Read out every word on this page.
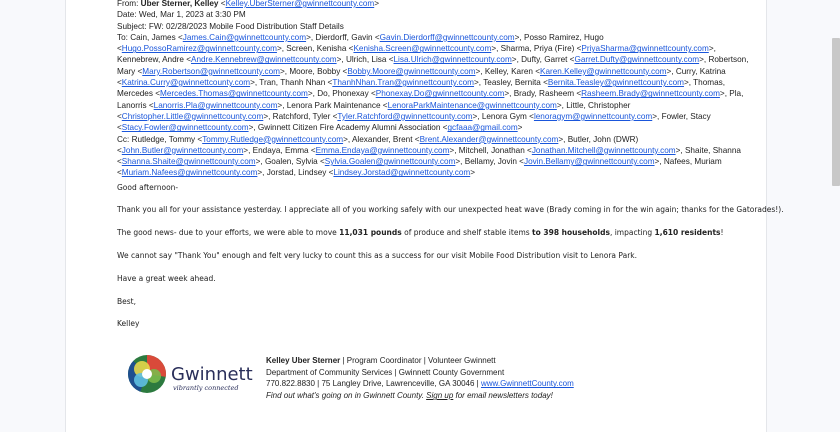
From: Uber Sterner, Kelley <Kelley.UberSterner@gwinnettcounty.com>
Date: Wed, Mar 1, 2023 at 3:30 PM
Subject: FW: 02/28/2023 Mobile Food Distribution Staff Details
To: Cain, James <James.Cain@gwinnettcounty.com>, Dierdorff, Gavin <Gavin.Dierdorff@gwinnettcounty.com>, Posso Ramirez, Hugo <Hugo.PossoRamirez@gwinnettcounty.com>, Screen, Kenisha <Kenisha.Screen@gwinnettcounty.com>, Sharma, Priya (Fire) <PriyaSharma@gwinnettcounty.com>, Kennebrew, Andre <Andre.Kennebrew@gwinnettcounty.com>, Ulrich, Lisa <Lisa.Ulrich@gwinnettcounty.com>, Dufty, Garret <Garret.Dufty@gwinnettcounty.com>, Robertson, Mary <Mary.Robertson@gwinnettcounty.com>, Moore, Bobby <Bobby.Moore@gwinnettcounty.com>, Kelley, Karen <Karen.Kelley@gwinnettcounty.com>, Curry, Katrina <Katrina.Curry@gwinnettcounty.com>, Tran, Thanh Nhan <ThanhNhan.Tran@gwinnettcounty.com>, Teasley, Bernita <Bernita.Teasley@gwinnettcounty.com>, Thomas, Mercedes <Mercedes.Thomas@gwinnettcounty.com>, Do, Phonexay <Phonexay.Do@gwinnettcounty.com>, Brady, Rasheem <Rasheem.Brady@gwinnettcounty.com>, Pla, Lanorris <Lanorris.Pla@gwinnettcounty.com>, Lenora Park Maintenance <LenoraParkMaintenance@gwinnettcounty.com>, Little, Christopher <Christopher.Little@gwinnettcounty.com>, Ratchford, Tyler <Tyler.Ratchford@gwinnettcounty.com>, Lenora Gym <lenoragym@gwinnettcounty.com>, Fowler, Stacy <Stacy.Fowler@gwinnettcounty.com>, Gwinnett Citizen Fire Academy Alumni Association <gcfaaa@gmail.com>
Cc: Rutledge, Tommy <Tommy.Rutledge@gwinnettcounty.com>, Alexander, Brent <Brent.Alexander@gwinnettcounty.com>, Butler, John (DWR) <John.Butler@gwinnettcounty.com>, Endaya, Emma <Emma.Endaya@gwinnettcounty.com>, Mitchell, Jonathan <Jonathan.Mitchell@gwinnettcounty.com>, Shaite, Shanna <Shanna.Shaite@gwinnettcounty.com>, Goalen, Sylvia <Sylvia.Goalen@gwinnettcounty.com>, Bellamy, Jovin <Jovin.Bellamy@gwinnettcounty.com>, Nafees, Muriam <Muriam.Nafees@gwinnettcounty.com>, Jorstad, Lindsey <Lindsey.Jorstad@gwinnettcounty.com>

Good afternoon-

Thank you all for your assistance yesterday. I appreciate all of you working safely with our unexpected heat wave (Brady coming in for the win again; thanks for the Gatorades!).

The good news- due to your efforts, we were able to move 11,031 pounds of produce and shelf stable items to 398 households, impacting 1,610 residents!

We cannot say "Thank You" enough and felt very lucky to count this as a success for our visit Mobile Food Distribution visit to Lenora Park.

Have a great week ahead.

Best,

Kelley

Gwinnett
vibrantly connected
Kelley Uber Sterner | Program Coordinator | Volunteer Gwinnett
Department of Community Services | Gwinnett County Government
770.822.8830 | 75 Langley Drive, Lawrenceville, GA 30046 | www.GwinnettCounty.com
Find out what's going on in Gwinnett County. Sign up for email newsletters today!
